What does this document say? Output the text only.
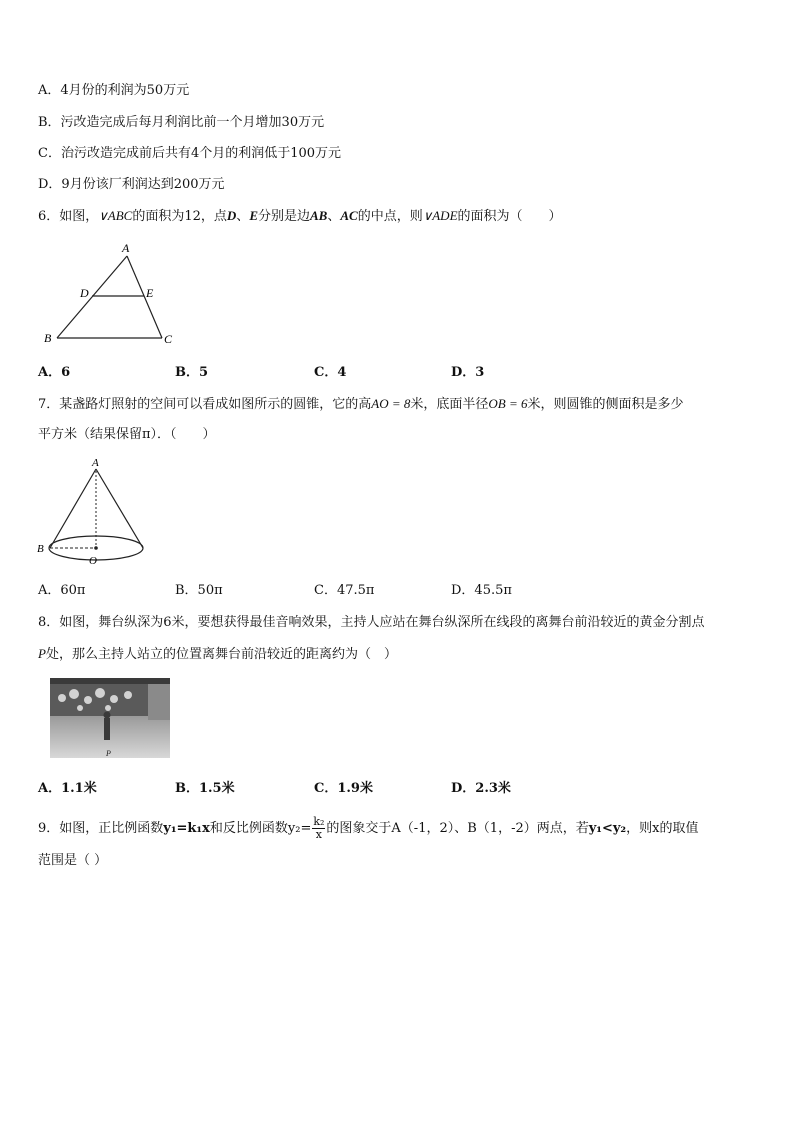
A．4月份的利润为50万元
B．污改造完成后每月利润比前一个月增加30万元
C．治污改造完成前后共有4个月的利润低于100万元
D．9月份该厂利润达到200万元
6．如图，∨ABC的面积为12，点D、E分别是边AB、AC的中点，则∨ADE的面积为（　　）
A
D	E
B	C
A．6	B．5	C．4	D．3
7．某盏路灯照射的空间可以看成如图所示的圆锥，它的高AO = 8米，底面半径OB = 6米，则圆锥的侧面积是多少
平方米（结果保留π）．（　　）
A
B
O
A．60π	B．50π	C．47.5π	D．45.5π
8．如图，舞台纵深为6米，要想获得最佳音响效果，主持人应站在舞台纵深所在线段的离舞台前沿较近的黄金分割点
P处，那么主持人站立的位置离舞台前沿较近的距离约为（　）
P
A．1.1米	B．1.5米	C．1.9米	D．2.3米
9．如图，正比例函数y₁=k₁x和反比例函数$y_2= \frac{\text{k₂}}{x}$ 的图象交于A（-1，2）、B（1，-2）两点，若y₁<y₂，则x的取值
范围是（ ）
